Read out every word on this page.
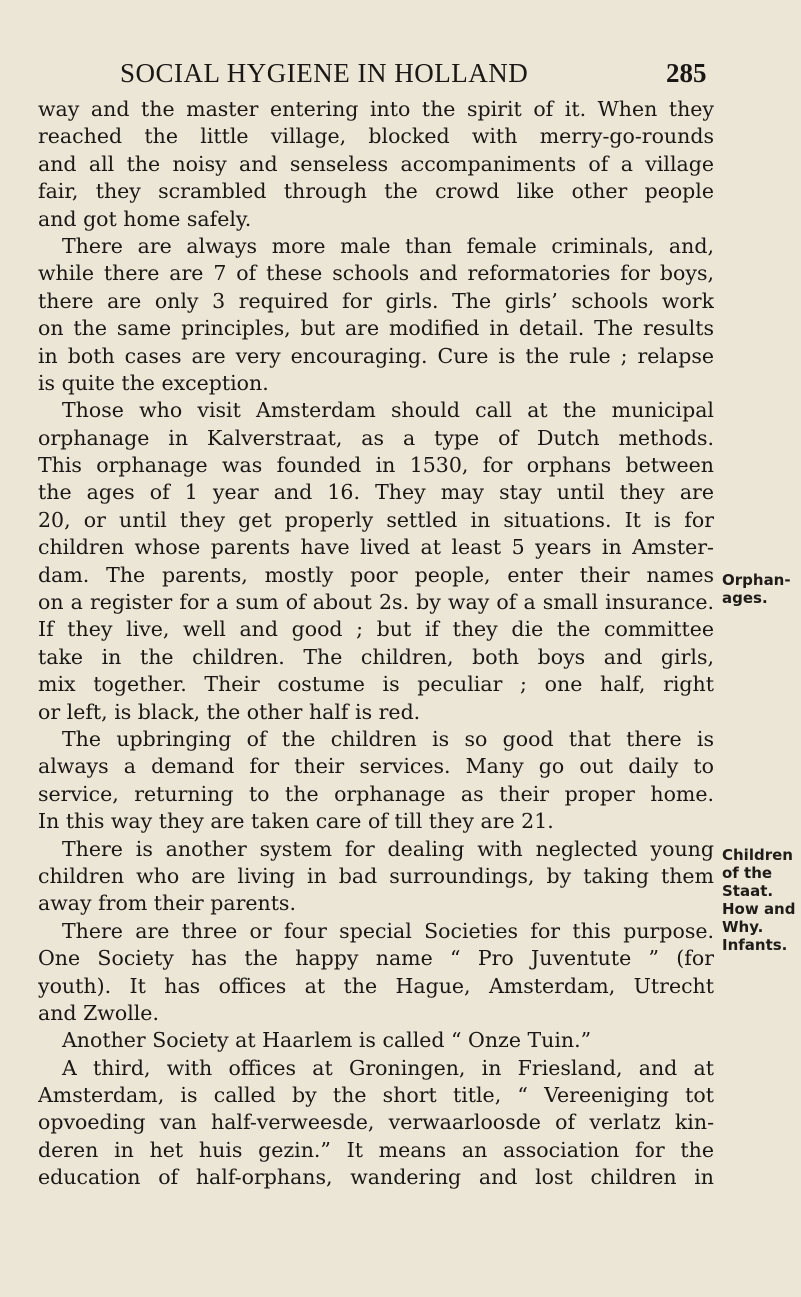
SOCIAL HYGIENE IN HOLLAND	285
way and the master entering into the spirit of it. When they
reached the little village, blocked with merry-go-rounds
and all the noisy and senseless accompaniments of a village
fair, they scrambled through the crowd like other people
and got home safely.
There are always more male than female criminals, and,
while there are 7 of these schools and reformatories for boys,
there are only 3 required for girls. The girls’ schools work
on the same principles, but are modified in detail. The results
in both cases are very encouraging. Cure is the rule ; relapse
is quite the exception.
Those who visit Amsterdam should call at the municipal
orphanage in Kalverstraat, as a type of Dutch methods.
This orphanage was founded in 1530, for orphans between
the ages of 1 year and 16. They may stay until they are
20, or until they get properly settled in situations. It is for
children whose parents have lived at least 5 years in Amster-
dam. The parents, mostly poor people, enter their names
on a register for a sum of about 2s. by way of a small insurance.
If they live, well and good ; but if they die the committee
take in the children. The children, both boys and girls,
mix together. Their costume is peculiar ; one half, right
or left, is black, the other half is red.
The upbringing of the children is so good that there is
always a demand for their services. Many go out daily to
service, returning to the orphanage as their proper home.
In this way they are taken care of till they are 21.
There is another system for dealing with neglected young
children who are living in bad surroundings, by taking them
away from their parents.
There are three or four special Societies for this purpose.
One Society has the happy name “ Pro Juventute ” (for
youth). It has offices at the Hague, Amsterdam, Utrecht
and Zwolle.
Another Society at Haarlem is called “ Onze Tuin.”
A third, with offices at Groningen, in Friesland, and at
Amsterdam, is called by the short title, “ Vereeniging tot
opvoeding van half-verweesde, verwaarloosde of verlatz kin-
deren in het huis gezin.” It means an association for the
education of half-orphans, wandering and lost children in
Orphan-
ages.
Children
of the
Staat.
How and
Why.
Infants.
